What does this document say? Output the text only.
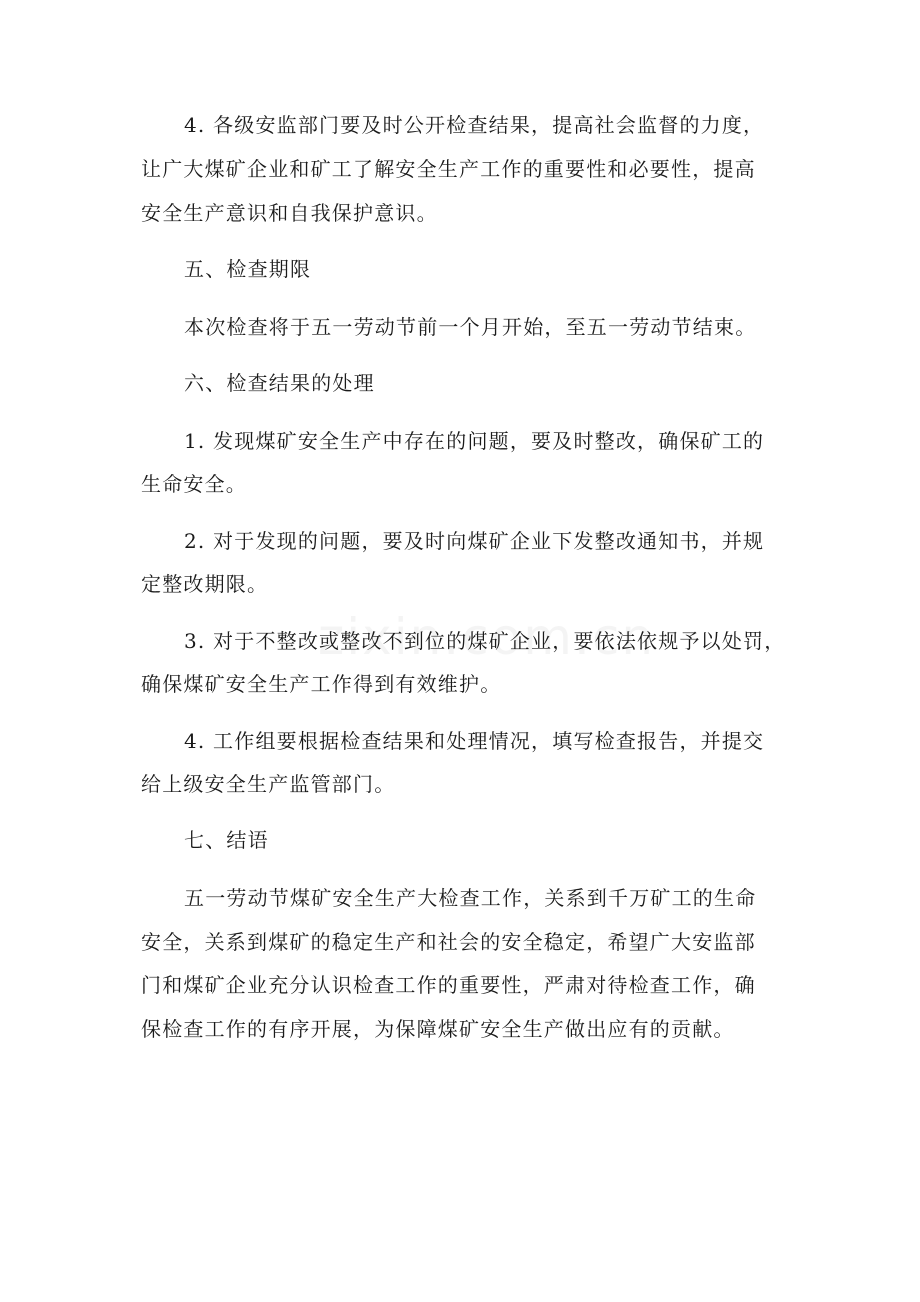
4. 各级安监部门要及时公开检查结果，提高社会监督的力度，
让广大煤矿企业和矿工了解安全生产工作的重要性和必要性，提高
安全生产意识和自我保护意识。
五、检查期限
本次检查将于五一劳动节前一个月开始，至五一劳动节结束。
六、检查结果的处理
1. 发现煤矿安全生产中存在的问题，要及时整改，确保矿工的
生命安全。
2. 对于发现的问题，要及时向煤矿企业下发整改通知书，并规
定整改期限。
3. 对于不整改或整改不到位的煤矿企业，要依法依规予以处罚，
确保煤矿安全生产工作得到有效维护。
4. 工作组要根据检查结果和处理情况，填写检查报告，并提交
给上级安全生产监管部门。
七、结语
五一劳动节煤矿安全生产大检查工作，关系到千万矿工的生命
安全，关系到煤矿的稳定生产和社会的安全稳定，希望广大安监部
门和煤矿企业充分认识检查工作的重要性，严肃对待检查工作，确
保检查工作的有序开展，为保障煤矿安全生产做出应有的贡献。
